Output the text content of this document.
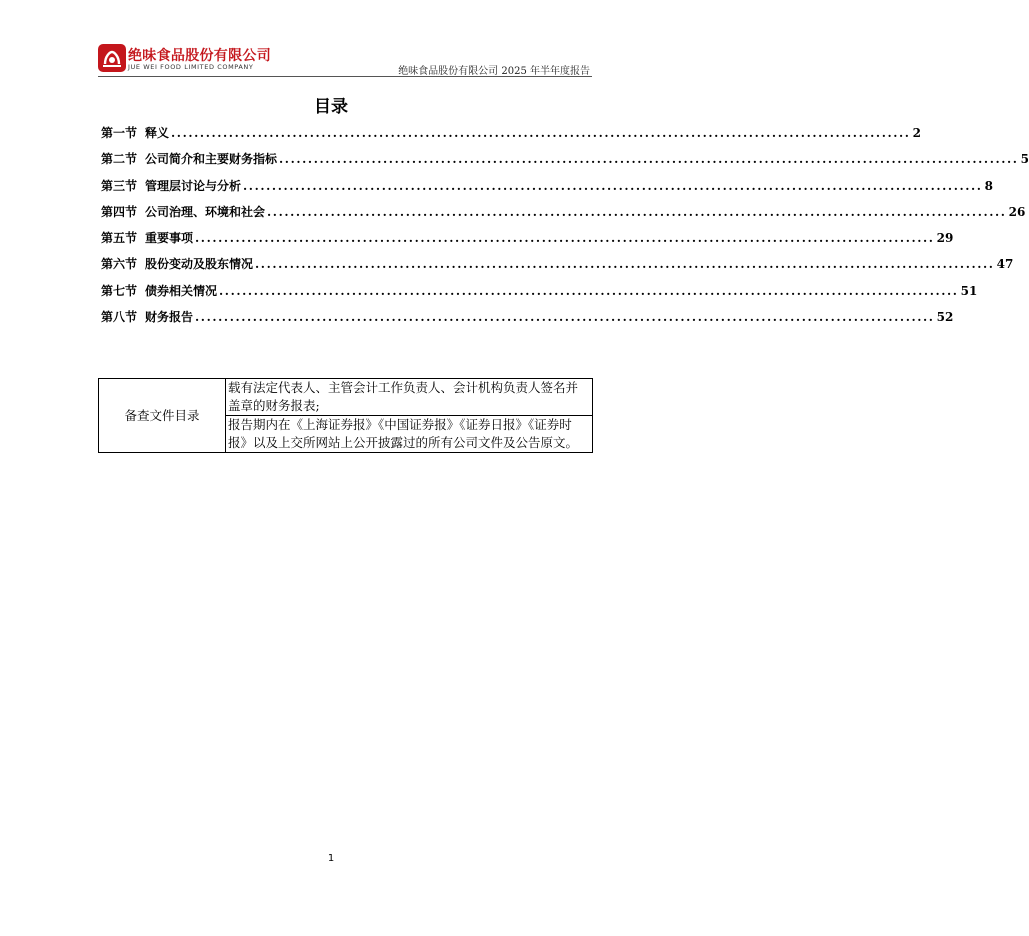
绝味食品股份有限公司
JUE WEI FOOD LIMITED COMPANY	绝味食品股份有限公司 2025 年半年度报告
目录
第一节 释义 ................................................................................................................................ 2
第二节 公司简介和主要财务指标 ................................................................................................................................ 5
第三节 管理层讨论与分析 ................................................................................................................................ 8
第四节 公司治理、环境和社会 ................................................................................................................................ 26
第五节 重要事项 ................................................................................................................................ 29
第六节 股份变动及股东情况 ................................................................................................................................ 47
第七节 债券相关情况 ................................................................................................................................ 51
第八节 财务报告 ................................................................................................................................ 52
备查文件目录	载有法定代表人、主管会计工作负责人、会计机构负责人签名并盖章的财务报表;
报告期内在《上海证券报》《中国证券报》《证券日报》《证券时报》以及上交所网站上公开披露过的所有公司文件及公告原文。
1
